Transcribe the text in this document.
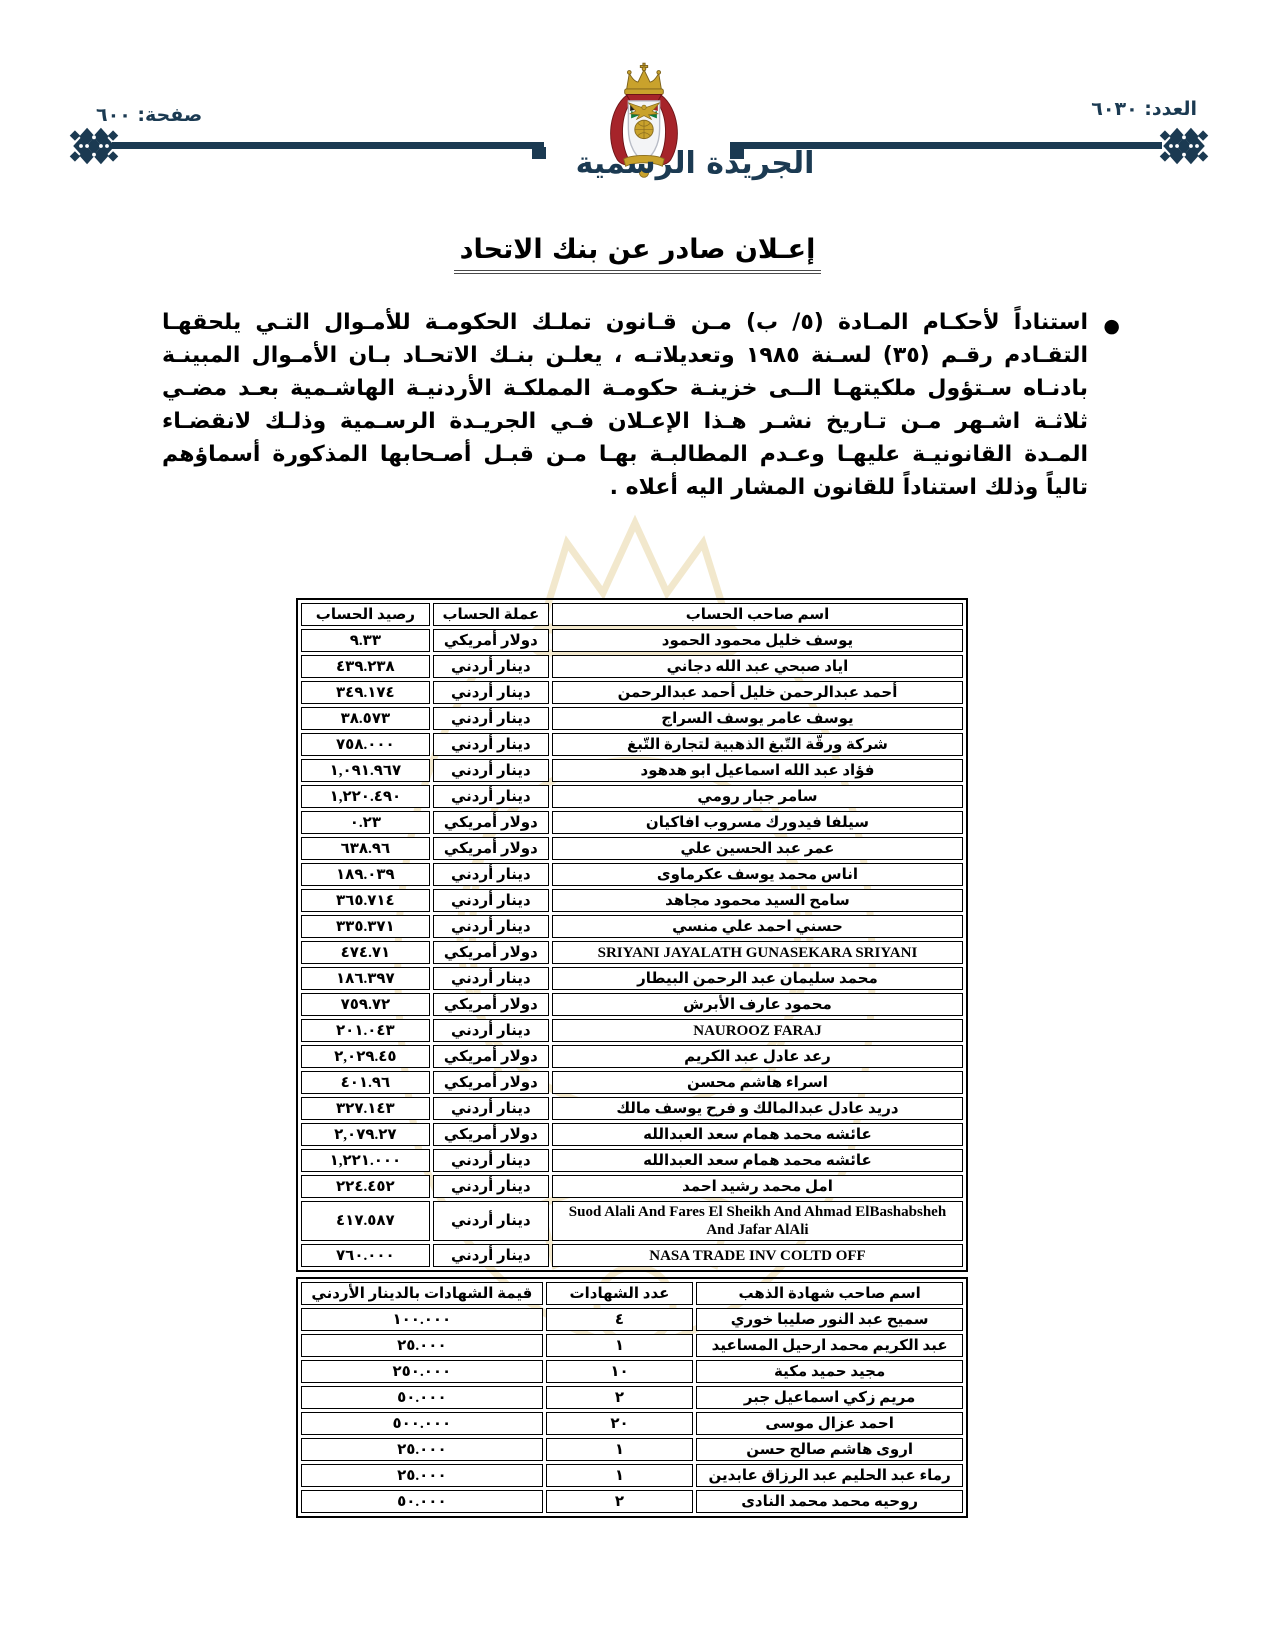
العدد: ٦٠٣٠
صفحة: ٦٠٠
الجريدة الرسمية
إعـلان صادر عن بنك الاتحاد
●
استناداً لأحكـام المـادة (٥/ ب) مـن قـانون تملـك الحكومـة للأمـوال التـي يلحقهـا التقـادم رقـم (٣٥) لسـنة ١٩٨٥ وتعديلاتـه ، يعلـن بنـك الاتحـاد بـان الأمـوال المبينـة بادنـاه سـتؤول ملكيتهـا الــى خزينـة حكومـة المملكـة الأردنيـة الهاشـمية بعـد مضـي ثلاثـة اشـهر مـن تـاريخ نشـر هـذا الإعـلان فـي الجريـدة الرسـمية وذلـك لانقضـاء المـدة القانونيـة عليهـا وعـدم المطالبـة بهـا مـن قبـل أصـحابها المذكورة أسماؤهم تالياً وذلك استناداً للقانون المشار اليه أعلاه .
اسم صاحب الحساب	عملة الحساب	رصيد الحساب
يوسف خليل محمود الحمود	دولار أمريكي	٩.٣٣
اياد صبحي عبد الله دجاني	دينار أردني	٤٣٩.٢٣٨
أحمد عبدالرحمن خليل أحمد عبدالرحمن	دينار أردني	٣٤٩.١٧٤
يوسف عامر يوسف السراج	دينار أردني	٣٨.٥٧٣
شركة ورقّة التّبغ الذهبية لتجارة التّبغ	دينار أردني	٧٥٨.٠٠٠
فؤاد عبد الله اسماعيل ابو هدهود	دينار أردني	١,٠٩١.٩٦٧
سامر جبار رومي	دينار أردني	١,٢٢٠.٤٩٠
سيلفا فيدورك مسروب افاكيان	دولار أمريكي	٠.٢٣
عمر عبد الحسين علي	دولار أمريكي	٦٣٨.٩٦
اناس محمد يوسف عكرماوى	دينار أردني	١٨٩.٠٣٩
سامح السيد محمود مجاهد	دينار أردني	٣٦٥.٧١٤
حسني احمد علي منسي	دينار أردني	٣٣٥.٣٧١
SRIYANI JAYALATH GUNASEKARA SRIYANI	دولار أمريكي	٤٧٤.٧١
محمد سليمان عبد الرحمن البيطار	دينار أردني	١٨٦.٣٩٧
محمود عارف الأبرش	دولار أمريكي	٧٥٩.٧٢
NAUROOZ FARAJ	دينار أردني	٢٠١.٠٤٣
رعد عادل عبد الكريم	دولار أمريكي	٢,٠٢٩.٤٥
اسراء هاشم محسن	دولار أمريكي	٤٠١.٩٦
دريد عادل عبدالمالك و فرح يوسف مالك	دينار أردني	٣٢٧.١٤٣
عائشه محمد همام سعد العبدالله	دولار أمريكي	٢,٠٧٩.٢٧
عائشه محمد همام سعد العبدالله	دينار أردني	١,٢٢١.٠٠٠
امل محمد رشيد احمد	دينار أردني	٢٢٤.٤٥٢
Suod Alali And Fares El Sheikh And Ahmad ElBashabsheh And Jafar AlAli	دينار أردني	٤١٧.٥٨٧
NASA TRADE INV COLTD OFF	دينار أردني	٧٦٠.٠٠٠
اسم صاحب شهادة الذهب	عدد الشهادات	قيمة الشهادات بالدينار الأردني
سميح عبد النور صليبا خوري	٤	١٠٠.٠٠٠
عبد الكريم محمد ارحيل المساعيد	١	٢٥.٠٠٠
مجيد حميد مكية	١٠	٢٥٠.٠٠٠
مريم زكي اسماعيل جبر	٢	٥٠.٠٠٠
احمد عزال موسى	٢٠	٥٠٠.٠٠٠
اروى هاشم صالح حسن	١	٢٥.٠٠٠
رماء عبد الحليم عبد الرزاق عابدين	١	٢٥.٠٠٠
روحيه محمد محمد النادى	٢	٥٠.٠٠٠
